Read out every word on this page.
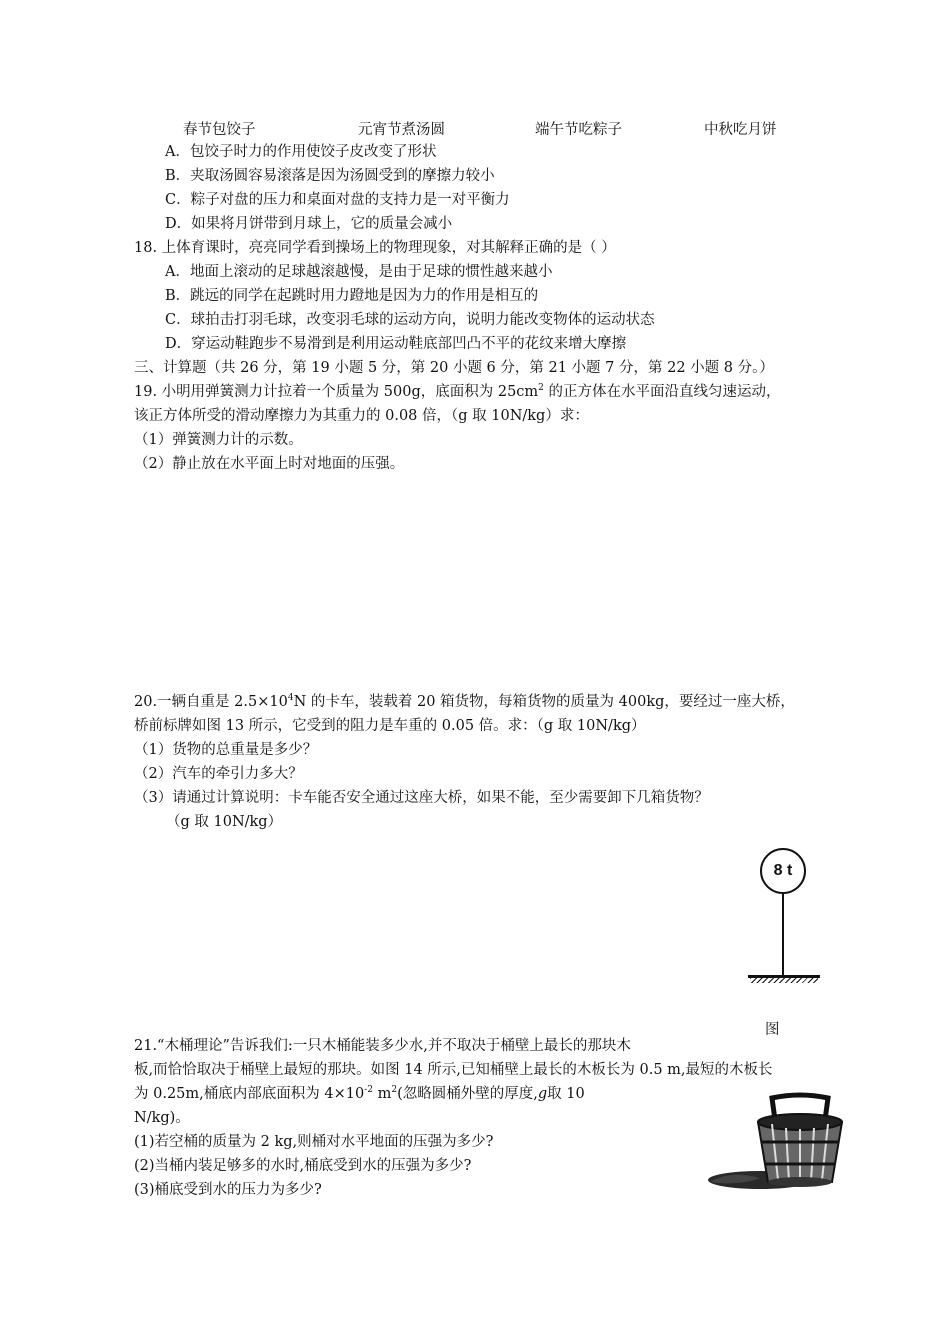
春节包饺子	元宵节煮汤圆	端午节吃粽子	中秋吃月饼
A．包饺子时力的作用使饺子皮改变了形状
B．夹取汤圆容易滚落是因为汤圆受到的摩擦力较小
C．粽子对盘的压力和桌面对盘的支持力是一对平衡力
D．如果将月饼带到月球上，它的质量会减小
18. 上体育课时，亮亮同学看到操场上的物理现象，对其解释正确的是（ ）
A．地面上滚动的足球越滚越慢，是由于足球的惯性越来越小
B．跳远的同学在起跳时用力蹬地是因为力的作用是相互的
C．球拍击打羽毛球，改变羽毛球的运动方向，说明力能改变物体的运动状态
D．穿运动鞋跑步不易滑到是利用运动鞋底部凹凸不平的花纹来增大摩擦
三、计算题（共 26 分，第 19 小题 5 分，第 20 小题 6 分，第 21 小题 7 分，第 22 小题 8 分。）
19. 小明用弹簧测力计拉着一个质量为 500g，底面积为 $25cm^2$ 的正方体在水平面沿直线匀速运动，
该正方体所受的滑动摩擦力为其重力的 0.08 倍，（g 取 10N/kg）求：
（1）弹簧测力计的示数。
（2）静止放在水平面上时对地面的压强。
20.一辆自重是 $2.5\times 10^4N$ 的卡车，装载着 20 箱货物，每箱货物的质量为 400kg，要经过一座大桥，
桥前标牌如图 13 所示，它受到的阻力是车重的 0.05 倍。求：（g 取 10N/kg）
（1）货物的总重量是多少？
（2）汽车的牵引力多大？
（3）请通过计算说明：卡车能否安全通过这座大桥，如果不能，至少需要卸下几箱货物？
（g 取 10N/kg）
8 t
图
21.“木桶理论”告诉我们:一只木桶能装多少水,并不取决于桶壁上最长的那块木
板,而恰恰取决于桶壁上最短的那块。如图 14 所示,已知桶壁上最长的木板长为 0.5 m,最短的木板长
为 0.25m,桶底内部底面积为 $4\times 10^{-2}$ $m^2$(忽略圆桶外壁的厚度,g取 10
N/kg)。
(1)若空桶的质量为 2 kg,则桶对水平地面的压强为多少?
(2)当桶内装足够多的水时,桶底受到水的压强为多少?
(3)桶底受到水的压力为多少?
